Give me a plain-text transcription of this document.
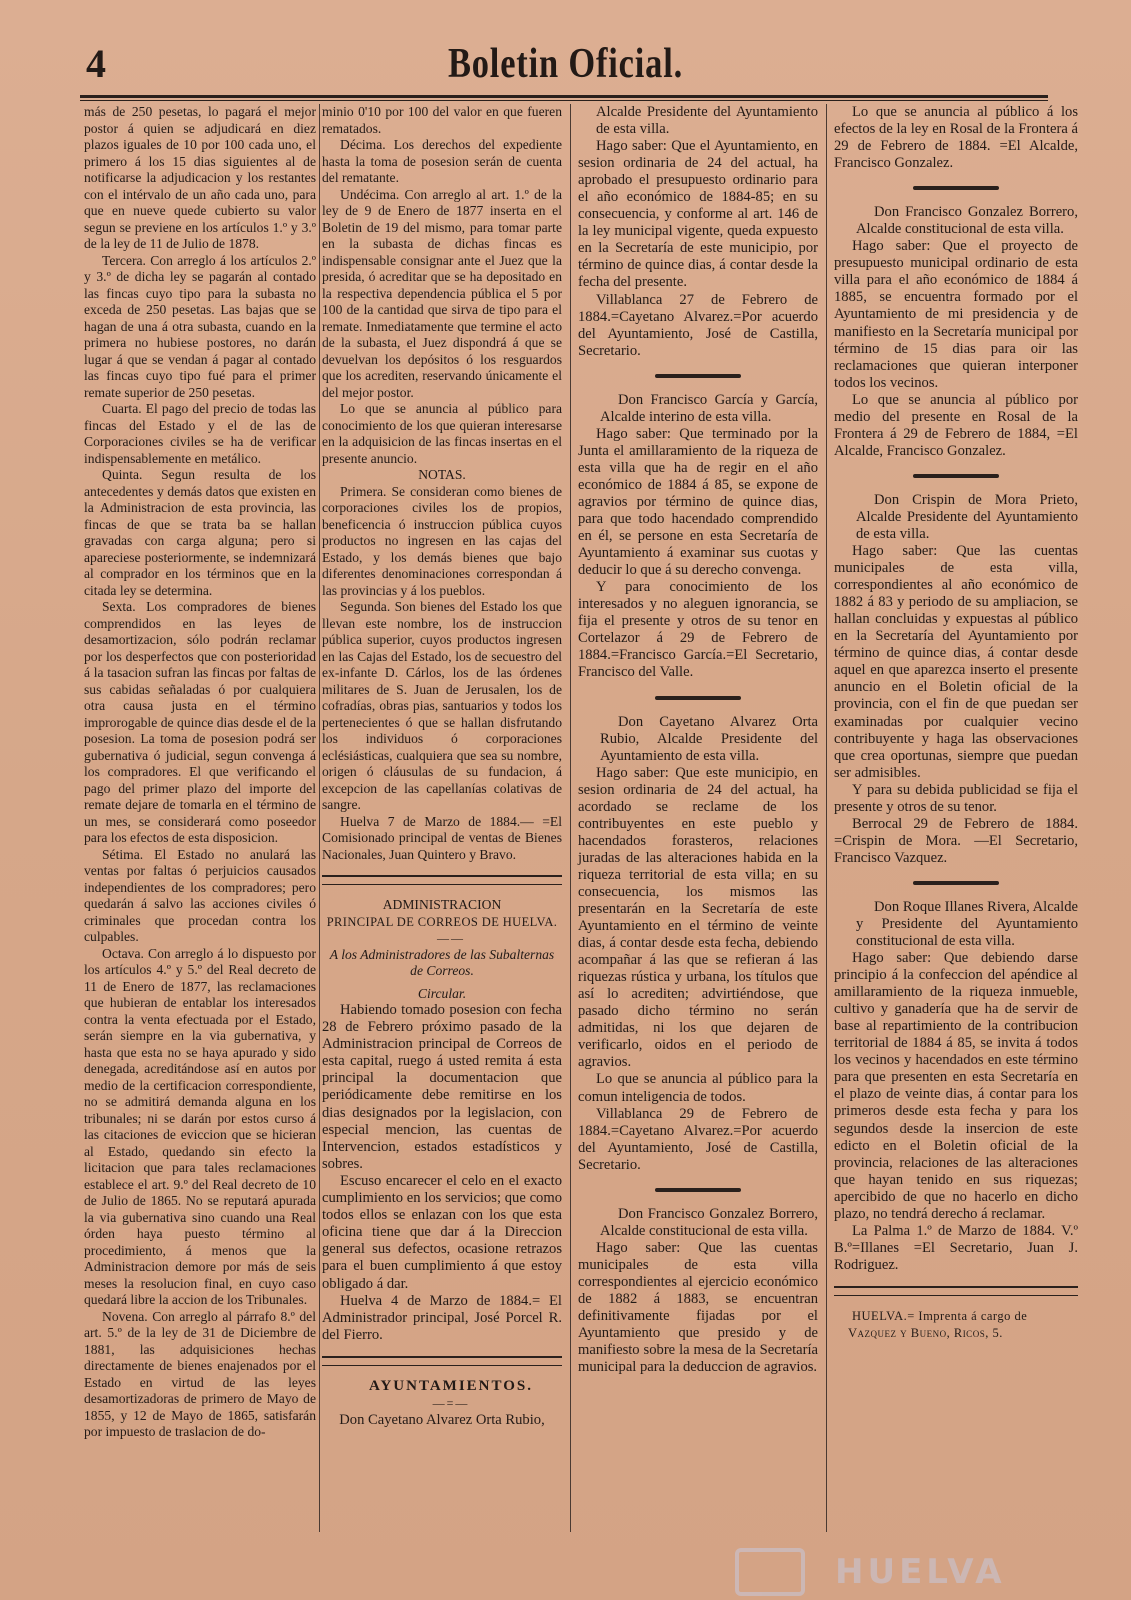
4	Boletin Oficial.

más de 250 pesetas, lo pagará el mejor postor á quien se adjudicará en diez plazos iguales de 10 por 100 cada uno, el primero á los 15 dias siguientes al de notificarse la adjudicacion y los restantes con el intérvalo de un año cada uno, para que en nueve quede cubierto su valor segun se previene en los artículos 1.º y 3.º de la ley de 11 de Julio de 1878.

Tercera. Con arreglo á los artículos 2.º y 3.º de dicha ley se pagarán al contado las fincas cuyo tipo para la subasta no exceda de 250 pesetas. Las bajas que se hagan de una á otra subasta, cuando en la primera no hubiese postores, no darán lugar á que se vendan á pagar al contado las fincas cuyo tipo fué para el primer remate superior de 250 pesetas.

Cuarta. El pago del precio de todas las fincas del Estado y el de las de Corporaciones civiles se ha de verificar indispensablemente en metálico.

Quinta. Segun resulta de los antecedentes y demás datos que existen en la Administracion de esta provincia, las fincas de que se trata ba se hallan gravadas con carga alguna; pero si apareciese posteriormente, se indemnizará al comprador en los términos que en la citada ley se determina.

Sexta. Los compradores de bienes comprendidos en las leyes de desamortizacion, sólo podrán reclamar por los desperfectos que con posterioridad á la tasacion sufran las fincas por faltas de sus cabidas señaladas ó por cualquiera otra causa justa en el término improrogable de quince dias desde el de la posesion. La toma de posesion podrá ser gubernativa ó judicial, segun convenga á los compradores. El que verificando el pago del primer plazo del importe del remate dejare de tomarla en el término de un mes, se considerará como poseedor para los efectos de esta disposicion.

Sétima. El Estado no anulará las ventas por faltas ó perjuicios causados independientes de los compradores; pero quedarán á salvo las acciones civiles ó criminales que procedan contra los culpables.

Octava. Con arreglo á lo dispuesto por los artículos 4.º y 5.º del Real decreto de 11 de Enero de 1877, las reclamaciones que hubieran de entablar los interesados contra la venta efectuada por el Estado, serán siempre en la via gubernativa, y hasta que esta no se haya apurado y sido denegada, acreditándose así en autos por medio de la certificacion correspondiente, no se admitirá demanda alguna en los tribunales; ni se darán por estos curso á las citaciones de eviccion que se hicieran al Estado, quedando sin efecto la licitacion que para tales reclamaciones establece el art. 9.º del Real decreto de 10 de Julio de 1865. No se reputará apurada la via gubernativa sino cuando una Real órden haya puesto término al procedimiento, á menos que la Administracion demore por más de seis meses la resolucion final, en cuyo caso quedará libre la accion de los Tribunales.

Novena. Con arreglo al párrafo 8.º del art. 5.º de la ley de 31 de Diciembre de 1881, las adquisiciones hechas directamente de bienes enajenados por el Estado en virtud de las leyes desamortizadoras de primero de Mayo de 1855, y 12 de Mayo de 1865, satisfarán por impuesto de traslacion de do-

minio 0'10 por 100 del valor en que fueren rematados.

Décima. Los derechos del expediente hasta la toma de posesion serán de cuenta del rematante.

Undécima. Con arreglo al art. 1.º de la ley de 9 de Enero de 1877 inserta en el Boletin de 19 del mismo, para tomar parte en la subasta de dichas fincas es indispensable consignar ante el Juez que la presida, ó acreditar que se ha depositado en la respectiva dependencia pública el 5 por 100 de la cantidad que sirva de tipo para el remate. Inmediatamente que termine el acto de la subasta, el Juez dispondrá á que se devuelvan los depósitos ó los resguardos que los acrediten, reservando únicamente el del mejor postor.

Lo que se anuncia al público para conocimiento de los que quieran interesarse en la adquisicion de las fincas insertas en el presente anuncio.

NOTAS.

Primera. Se consideran como bienes de corporaciones civiles los de propios, beneficencia ó instruccion pública cuyos productos no ingresen en las cajas del Estado, y los demás bienes que bajo diferentes denominaciones correspondan á las provincias y á los pueblos.

Segunda. Son bienes del Estado los que llevan este nombre, los de instruccion pública superior, cuyos productos ingresen en las Cajas del Estado, los de secuestro del ex-infante D. Cárlos, los de las órdenes militares de S. Juan de Jerusalen, los de cofradías, obras pias, santuarios y todos los pertenecientes ó que se hallan disfrutando los individuos ó corporaciones eclésiásticas, cualquiera que sea su nombre, origen ó cláusulas de su fundacion, á excepcion de las capellanías colativas de sangre.

Huelva 7 de Marzo de 1884.— =El Comisionado principal de ventas de Bienes Nacionales, Juan Quintero y Bravo.

ADMINISTRACION

PRINCIPAL DE CORREOS DE HUELVA.

——

A los Administradores de las Subalternas de Correos.

Circular.

Habiendo tomado posesion con fecha 28 de Febrero próximo pasado de la Administracion principal de Correos de esta capital, ruego á usted remita á esta principal la documentacion que periódicamente debe remitirse en los dias designados por la legislacion, con especial mencion, las cuentas de Intervencion, estados estadísticos y sobres.

Escuso encarecer el celo en el exacto cumplimiento en los servicios; que como todos ellos se enlazan con los que esta oficina tiene que dar á la Direccion general sus defectos, ocasione retrazos para el buen cumplimiento á que estoy obligado á dar.

Huelva 4 de Marzo de 1884.= El Administrador principal, José Porcel R. del Fierro.

AYUNTAMIENTOS.

—=—

Don Cayetano Alvarez Orta Rubio,

Alcalde Presidente del Ayuntamiento de esta villa.

Hago saber: Que el Ayuntamiento, en sesion ordinaria de 24 del actual, ha aprobado el presupuesto ordinario para el año económico de 1884-85; en su consecuencia, y conforme al art. 146 de la ley municipal vigente, queda expuesto en la Secretaría de este municipio, por término de quince dias, á contar desde la fecha del presente.

Villablanca 27 de Febrero de 1884.=Cayetano Alvarez.=Por acuerdo del Ayuntamiento, José de Castilla, Secretario.

Don Francisco García y García, Alcalde interino de esta villa.

Hago saber: Que terminado por la Junta el amillaramiento de la riqueza de esta villa que ha de regir en el año económico de 1884 á 85, se expone de agravios por término de quince dias, para que todo hacendado comprendido en él, se persone en esta Secretaría de Ayuntamiento á examinar sus cuotas y deducir lo que á su derecho convenga.

Y para conocimiento de los interesados y no aleguen ignorancia, se fija el presente y otros de su tenor en Cortelazor á 29 de Febrero de 1884.=Francisco García.=El Secretario, Francisco del Valle.

Don Cayetano Alvarez Orta Rubio, Alcalde Presidente del Ayuntamiento de esta villa.

Hago saber: Que este municipio, en sesion ordinaria de 24 del actual, ha acordado se reclame de los contribuyentes en este pueblo y hacendados forasteros, relaciones juradas de las alteraciones habida en la riqueza territorial de esta villa; en su consecuencia, los mismos las presentarán en la Secretaría de este Ayuntamiento en el término de veinte dias, á contar desde esta fecha, debiendo acompañar á las que se refieran á las riquezas rústica y urbana, los títulos que así lo acrediten; advirtiéndose, que pasado dicho término no serán admitidas, ni los que dejaren de verificarlo, oidos en el periodo de agravios.

Lo que se anuncia al público para la comun inteligencia de todos.

Villablanca 29 de Febrero de 1884.=Cayetano Alvarez.=Por acuerdo del Ayuntamiento, José de Castilla, Secretario.

Don Francisco Gonzalez Borrero, Alcalde constitucional de esta villa.

Hago saber: Que las cuentas municipales de esta villa correspondientes al ejercicio económico de 1882 á 1883, se encuentran definitivamente fijadas por el Ayuntamiento que presido y de manifiesto sobre la mesa de la Secretaría municipal para la deduccion de agravios.

Lo que se anuncia al público á los efectos de la ley en Rosal de la Frontera á 29 de Febrero de 1884. =El Alcalde, Francisco Gonzalez.

Don Francisco Gonzalez Borrero, Alcalde constitucional de esta villa.

Hago saber: Que el proyecto de presupuesto municipal ordinario de esta villa para el año económico de 1884 á 1885, se encuentra formado por el Ayuntamiento de mi presidencia y de manifiesto en la Secretaría municipal por término de 15 dias para oir las reclamaciones que quieran interponer todos los vecinos.

Lo que se anuncia al público por medio del presente en Rosal de la Frontera á 29 de Febrero de 1884, =El Alcalde, Francisco Gonzalez.

Don Crispin de Mora Prieto, Alcalde Presidente del Ayuntamiento de esta villa.

Hago saber: Que las cuentas municipales de esta villa, correspondientes al año económico de 1882 á 83 y periodo de su ampliacion, se hallan concluidas y expuestas al público en la Secretaría del Ayuntamiento por término de quince dias, á contar desde aquel en que aparezca inserto el presente anuncio en el Boletin oficial de la provincia, con el fin de que puedan ser examinadas por cualquier vecino contribuyente y haga las observaciones que crea oportunas, siempre que puedan ser admisibles.

Y para su debida publicidad se fija el presente y otros de su tenor.

Berrocal 29 de Febrero de 1884. =Crispin de Mora. —El Secretario, Francisco Vazquez.

Don Roque Illanes Rivera, Alcalde y Presidente del Ayuntamiento constitucional de esta villa.

Hago saber: Que debiendo darse principio á la confeccion del apéndice al amillaramiento de la riqueza inmueble, cultivo y ganadería que ha de servir de base al repartimiento de la contribucion territorial de 1884 á 85, se invita á todos los vecinos y hacendados en este término para que presenten en esta Secretaría en el plazo de veinte dias, á contar para los primeros desde esta fecha y para los segundos desde la insercion de este edicto en el Boletin oficial de la provincia, relaciones de las alteraciones que hayan tenido en sus riquezas; apercibido de que no hacerlo en dicho plazo, no tendrá derecho á reclamar.

La Palma 1.º de Marzo de 1884. V.º B.º=Illanes =El Secretario, Juan J. Rodriguez.

HUELVA.= Imprenta á cargo de
Vazquez y Bueno, Ricos, 5.

HUELVA
